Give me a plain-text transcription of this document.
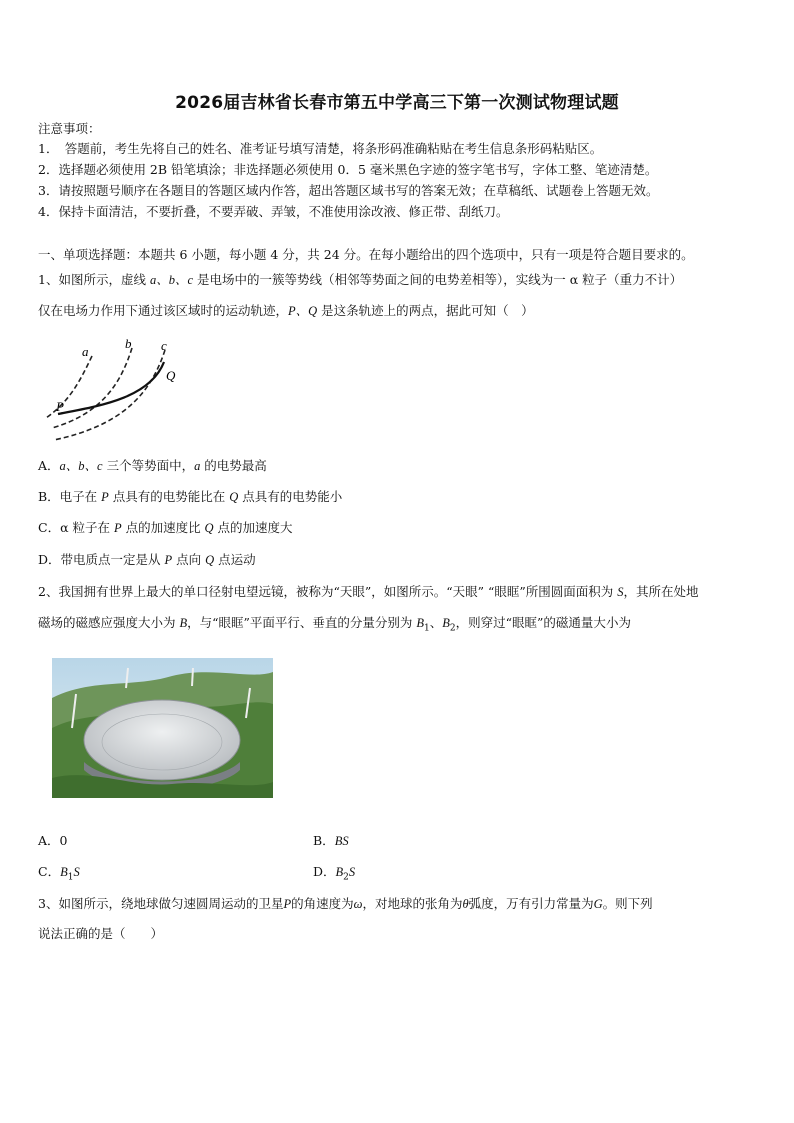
2026届吉林省长春市第五中学高三下第一次测试物理试题
注意事项：
1．　答题前，考生先将自己的姓名、准考证号填写清楚，将条形码准确粘贴在考生信息条形码粘贴区。
2．选择题必须使用 2B 铅笔填涂；非选择题必须使用 0．5 毫米黑色字迹的签字笔书写，字体工整、笔迹清楚。
3．请按照题号顺序在各题目的答题区域内作答，超出答题区域书写的答案无效；在草稿纸、试题卷上答题无效。
4．保持卡面清洁，不要折叠，不要弄破、弄皱，不准使用涂改液、修正带、刮纸刀。
一、单项选择题：本题共 6 小题，每小题 4 分，共 24 分。在每小题给出的四个选项中，只有一项是符合题目要求的。
1、如图所示，虚线 a、b、c 是电场中的一簇等势线（相邻等势面之间的电势差相等），实线为一 α 粒子（重力不计）
仅在电场力作用下通过该区域时的运动轨迹，P、Q 是这条轨迹上的两点，据此可知（　）
a
b c
P
Q
A．a、b、c 三个等势面中，a 的电势最高
B．电子在 P 点具有的电势能比在 Q 点具有的电势能小
C．α 粒子在 P 点的加速度比 Q 点的加速度大
D．带电质点一定是从 P 点向 Q 点运动
2、我国拥有世界上最大的单口径射电望远镜，被称为“天眼”，如图所示。“天眼” “眼眶”所围圆面面积为 S，其所在处地
磁场的磁感应强度大小为 B，与“眼眶”平面平行、垂直的分量分别为 $B_1$、$B_2$，则穿过“眼眶”的磁通量大小为
A．0	B．BS
C．$B_1S$	D．$B_2S$
3、如图所示，绕地球做匀速圆周运动的卫星P的角速度为ω，对地球的张角为θ弧度，万有引力常量为G。则下列
说法正确的是（　　）
